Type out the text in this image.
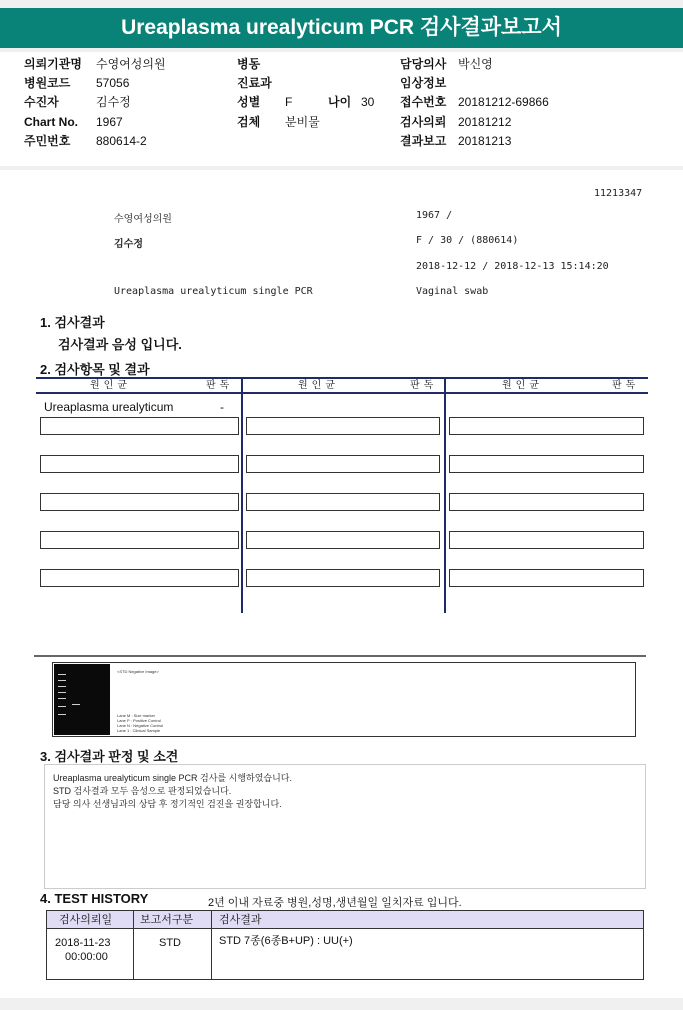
Ureaplasma urealyticum PCR 검사결과보고서
의뢰기관명 수영여성의원
병원코드 57056
수진자	김수정
Chart No. 1967
주민번호 880614-2
병동
진료과
성별 F	나이 30
검체 분비물
담당의사 박신영
임상정보
접수번호 20181212-69866
검사의뢰 20181212
결과보고 20181213
11213347
수영여성의원	1967 /
김수정	F / 30 / (880614)
2018-12-12 / 2018-12-13 15:14:20
Ureaplasma urealyticum single PCR	Vaginal swab
1. 검사결과
검사결과 음성 입니다.
2. 검사항목 및 결과
원인균	판독	원인균	판독	원인균	판독
Ureaplasma urealyticum	-
<STD Negative Image>
Lane M : Size marker
Lane P : Positive Control
Lane N : Negative Control
Lane 1 : Clinical Sample
3. 검사결과 판정 및 소견
Ureaplasma urealyticum single PCR 검사를 시행하였습니다.
STD 검사결과 모두 음성으로 판정되었습니다.
담당 의사 선생님과의 상담 후 정기적인 검진을 권장합니다.
4. TEST HISTORY	2년 이내 자료중 병원,성명,생년월일 일치자료 입니다.
검사의뢰일	보고서구분 검사결과
2018-11-23
00:00:00
STD	STD 7종(6종B+UP) : UU(+)
